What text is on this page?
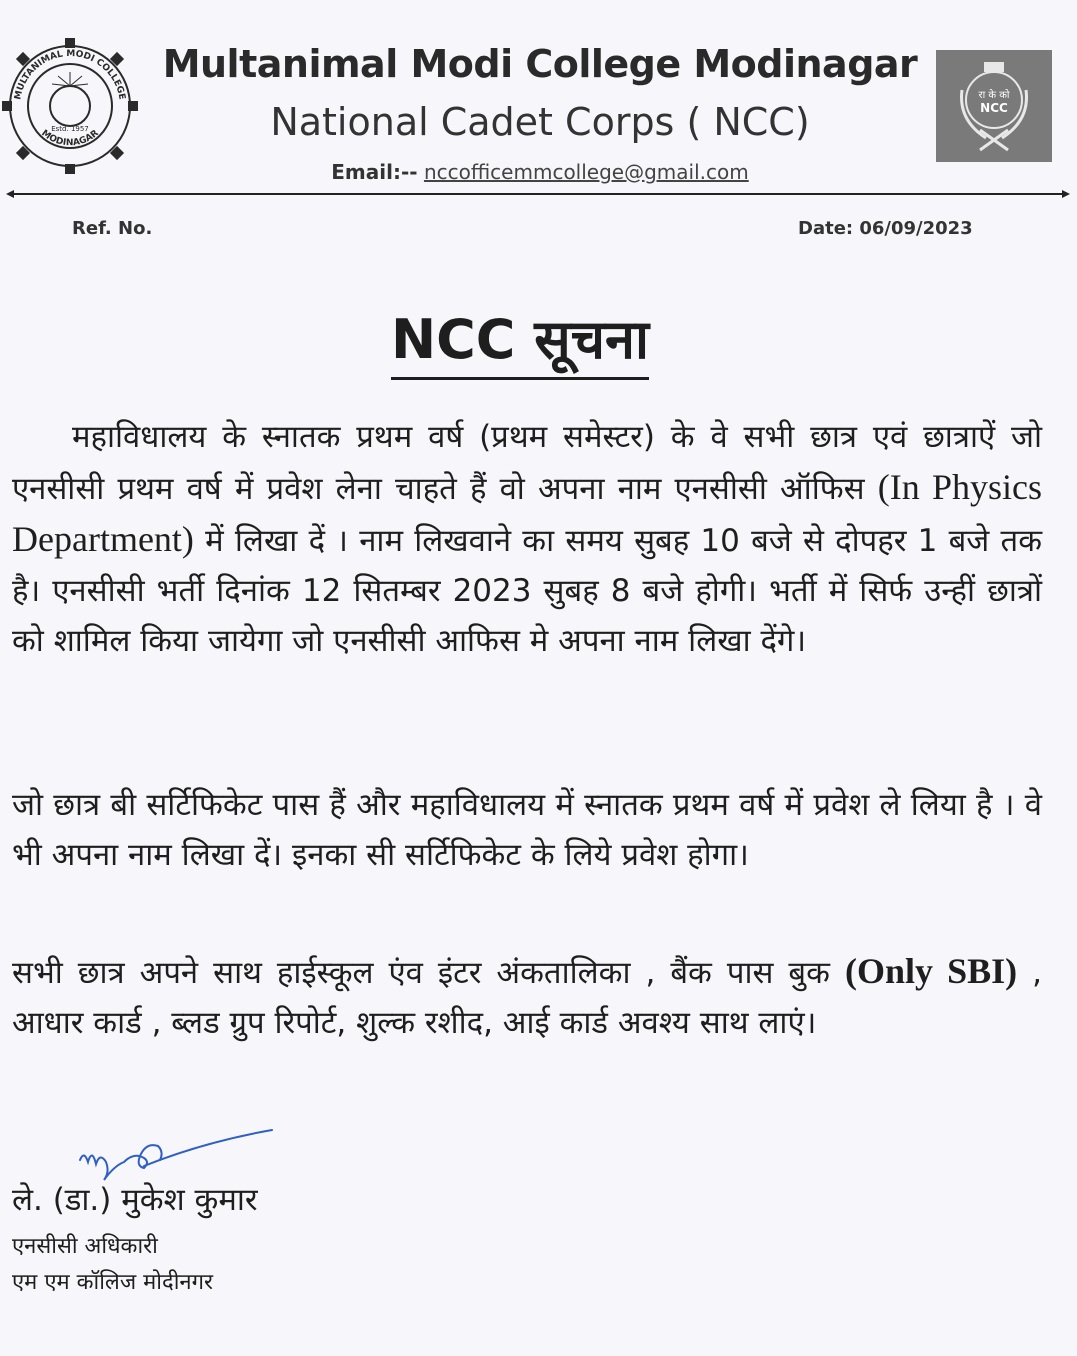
MULTANIMAL MODI COLLEGE
MODINAGAR
Estd. 1957
Multanimal Modi College Modinagar
National Cadet Corps ( NCC)
Email:-- nccofficemmcollege@gmail.com
रा के को
NCC
Ref. No.	Date: 06/09/2023
NCC सूचना
महाविधालय के स्नातक प्रथम वर्ष (प्रथम समेस्टर) के वे सभी छात्र एवं छात्राऐं जो एनसीसी प्रथम वर्ष में प्रवेश लेना चाहते हैं वो अपना नाम एनसीसी ऑफिस (In Physics Department) में लिखा दें । नाम लिखवाने का समय सुबह 10 बजे से दोपहर 1 बजे तक है। एनसीसी भर्ती दिनांक 12 सितम्बर 2023 सुबह 8 बजे होगी। भर्ती में सिर्फ उन्हीं छात्रों को शामिल किया जायेगा जो एनसीसी आफिस मे अपना नाम लिखा देंगे।
जो छात्र बी सर्टिफिकेट पास हैं और महाविधालय में स्नातक प्रथम वर्ष में प्रवेश ले लिया है । वे भी अपना नाम लिखा दें। इनका सी सर्टिफिकेट के लिये प्रवेश होगा।
सभी छात्र अपने साथ हाईस्कूल एंव इंटर अंकतालिका , बैंक पास बुक (Only SBI) , आधार कार्ड , ब्लड ग्रुप रिपोर्ट, शुल्क रशीद, आई कार्ड अवश्य साथ लाएं।
ले. (डा.) मुकेश कुमार
एनसीसी अधिकारी
एम एम कॉलिज मोदीनगर
